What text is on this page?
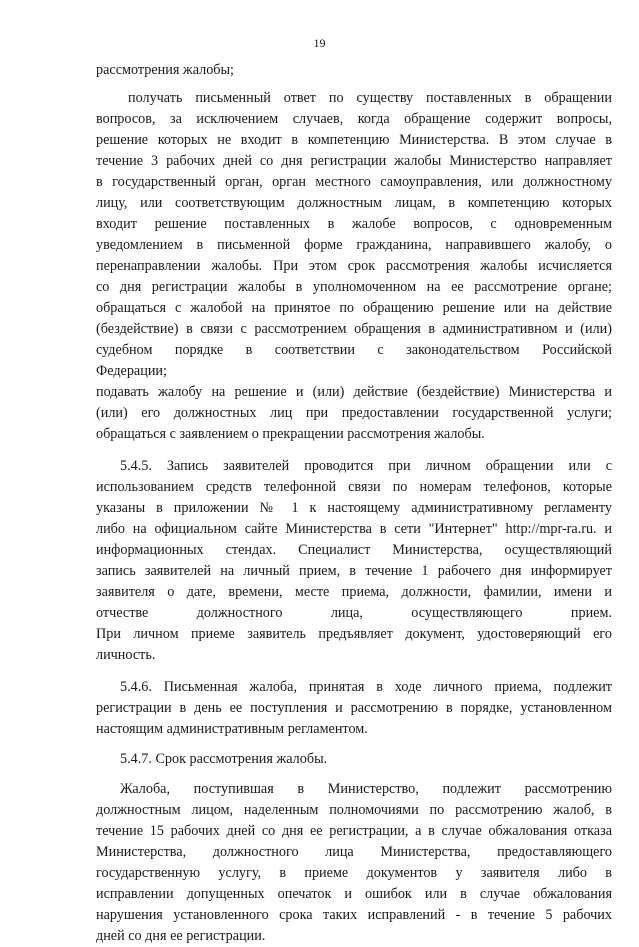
19
рассмотрения жалобы;
получать письменный ответ по существу поставленных в обращении
вопросов, за исключением случаев, когда обращение содержит вопросы,
решение которых не входит в компетенцию Министерства. В этом случае в
течение 3 рабочих дней со дня регистрации жалобы Министерство направляет
в государственный орган, орган местного самоуправления, или должностному
лицу, или соответствующим должностным лицам, в компетенцию которых
входит решение поставленных в жалобе вопросов, с одновременным
уведомлением в письменной форме гражданина, направившего жалобу, о
перенаправлении жалобы. При этом срок рассмотрения жалобы исчисляется
со дня регистрации жалобы в уполномоченном на ее рассмотрение органе;
обращаться с жалобой на принятое по обращению решение или на действие
(бездействие) в связи с рассмотрением обращения в административном и (или)
судебном порядке в соответствии с законодательством Российской
Федерации;
подавать жалобу на решение и (или) действие (бездействие) Министерства и
(или) его должностных лиц при предоставлении государственной услуги;
обращаться с заявлением о прекращении рассмотрения жалобы.
5.4.5. Запись заявителей проводится при личном обращении или с
использованием средств телефонной связи по номерам телефонов, которые
указаны в приложении № 1 к настоящему административному регламенту
либо на официальном сайте Министерства в сети "Интернет" http://mpr-ra.ru. и
информационных стендах. Специалист Министерства, осуществляющий
запись заявителей на личный прием, в течение 1 рабочего дня информирует
заявителя о дате, времени, месте приема, должности, фамилии, имени и
отчестве должностного лица, осуществляющего прием.
При личном приеме заявитель предъявляет документ, удостоверяющий его
личность.
5.4.6. Письменная жалоба, принятая в ходе личного приема, подлежит
регистрации в день ее поступления и рассмотрению в порядке, установленном
настоящим административным регламентом.
5.4.7. Срок рассмотрения жалобы.
Жалоба, поступившая в Министерство, подлежит рассмотрению
должностным лицом, наделенным полномочиями по рассмотрению жалоб, в
течение 15 рабочих дней со дня ее регистрации, а в случае обжалования отказа
Министерства, должностного лица Министерства, предоставляющего
государственную услугу, в приеме документов у заявителя либо в
исправлении допущенных опечаток и ошибок или в случае обжалования
нарушения установленного срока таких исправлений - в течение 5 рабочих
дней со дня ее регистрации.
